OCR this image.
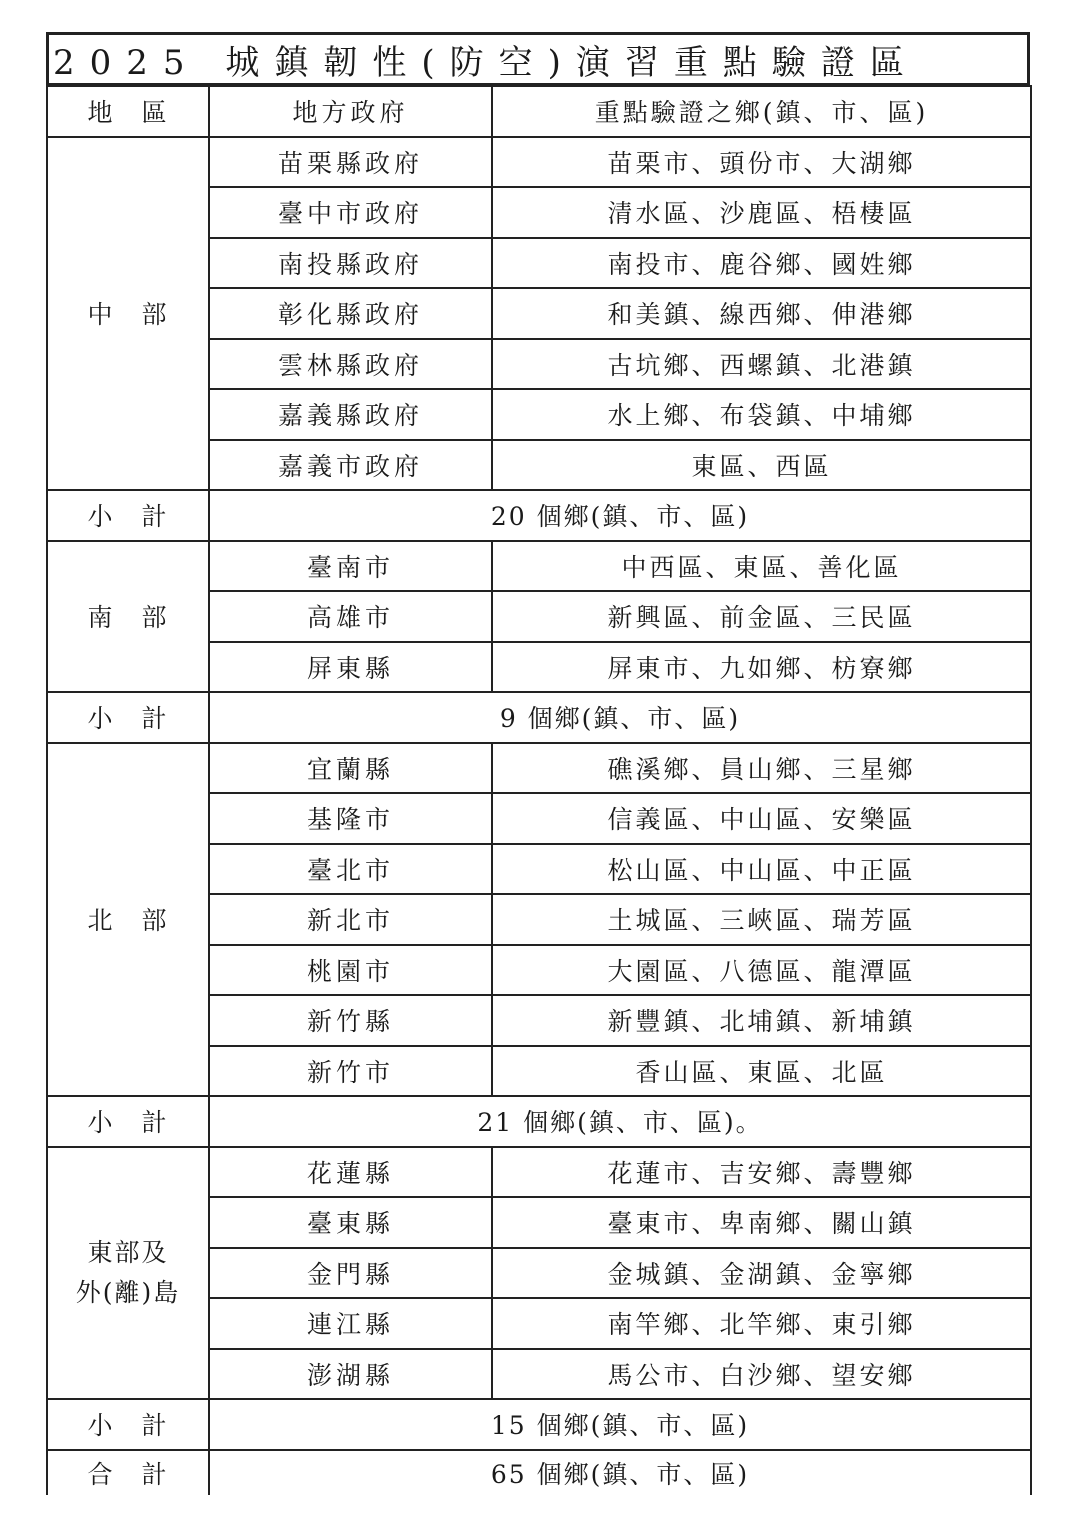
2025 城鎮韌性(防空)演習重點驗證區
地　區	地方政府	重點驗證之鄉(鎮、市、區)
中　部	苗栗縣政府	苗栗市、頭份市、大湖鄉
	臺中市政府	清水區、沙鹿區、梧棲區
	南投縣政府	南投市、鹿谷鄉、國姓鄉
	彰化縣政府	和美鎮、線西鄉、伸港鄉
	雲林縣政府	古坑鄉、西螺鎮、北港鎮
	嘉義縣政府	水上鄉、布袋鎮、中埔鄉
	嘉義市政府	東區、西區
小　計	20 個鄉(鎮、市、區)	
南　部	臺南市	中西區、東區、善化區
	高雄市	新興區、前金區、三民區
	屏東縣	屏東市、九如鄉、枋寮鄉
小　計	9 個鄉(鎮、市、區)	
北　部	宜蘭縣	礁溪鄉、員山鄉、三星鄉
	基隆市	信義區、中山區、安樂區
	臺北市	松山區、中山區、中正區
	新北市	土城區、三峽區、瑞芳區
	桃園市	大園區、八德區、龍潭區
	新竹縣	新豐鎮、北埔鎮、新埔鎮
	新竹市	香山區、東區、北區
小　計	21 個鄉(鎮、市、區)。	

東部及
外(離)島	花蓮縣	花蓮市、吉安鄉、壽豐鄉
	臺東縣	臺東市、卑南鄉、關山鎮
	金門縣	金城鎮、金湖鎮、金寧鄉
	連江縣	南竿鄉、北竿鄉、東引鄉
	澎湖縣	馬公市、白沙鄉、望安鄉
小　計	15 個鄉(鎮、市、區)	
合　計	65 個鄉(鎮、市、區)	
